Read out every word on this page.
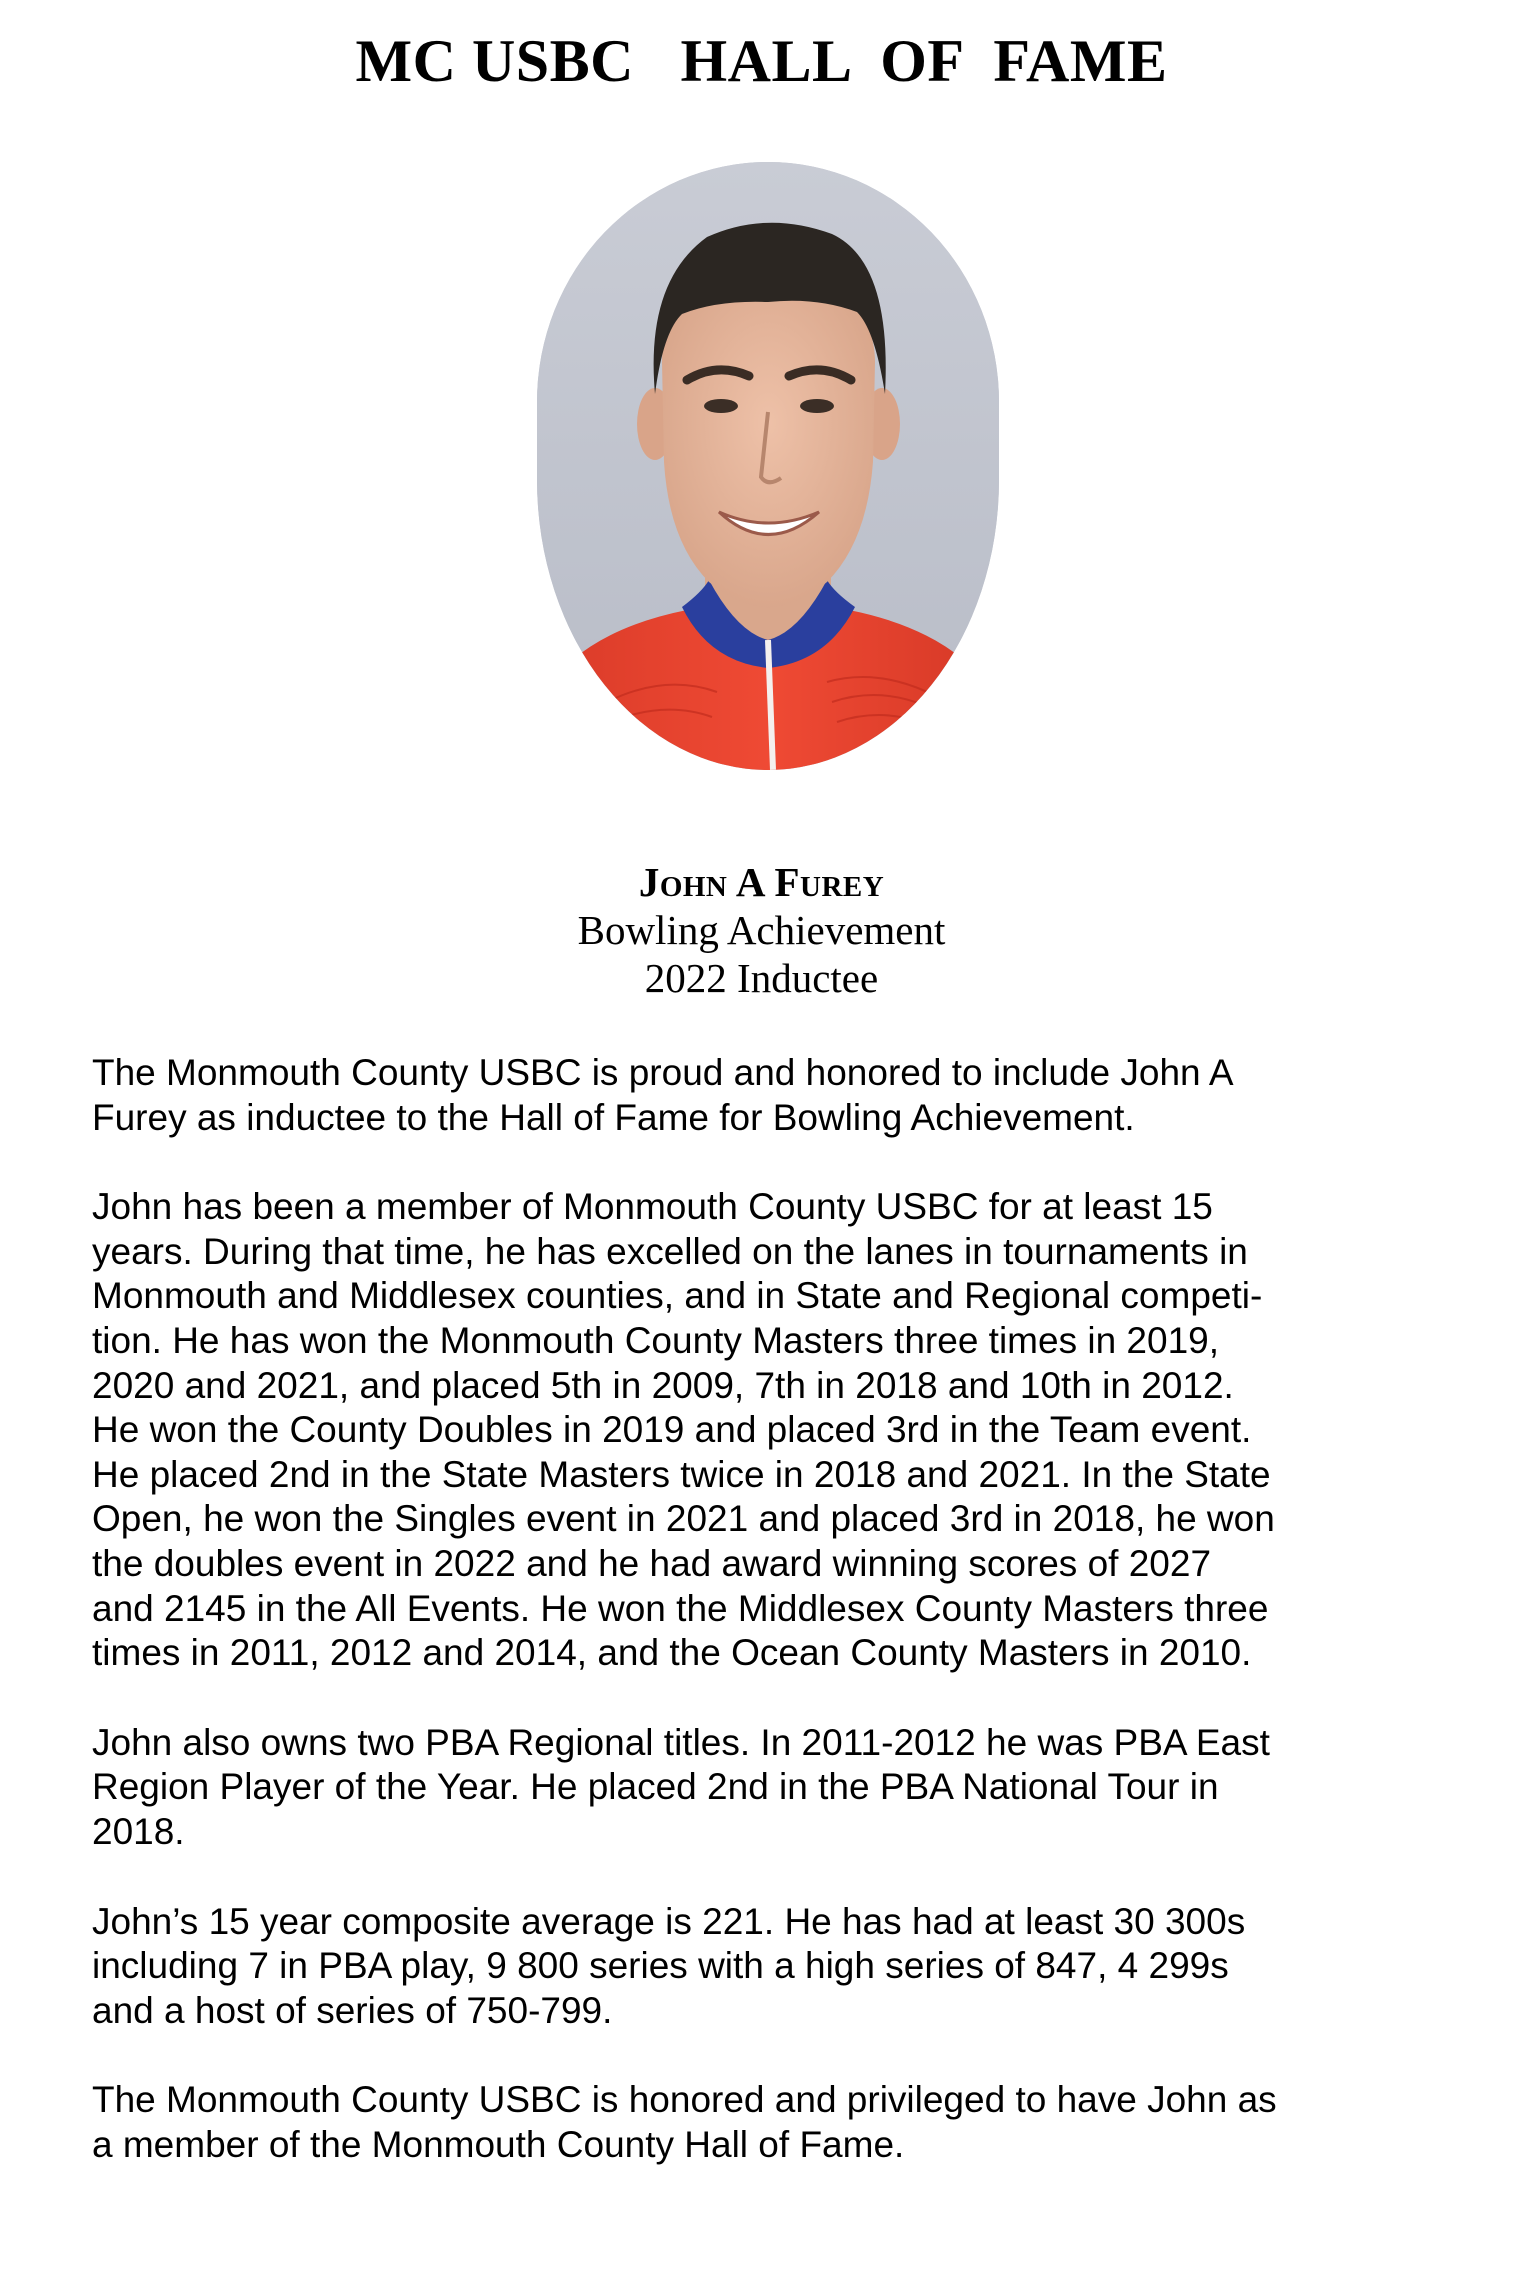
MC USBC   HALL  OF  FAME
John A Furey
Bowling Achievement
2022 Inductee

The Monmouth County USBC is proud and honored to include John A
Furey as inductee to the Hall of Fame for Bowling Achievement.

John has been a member of Monmouth County USBC for at least 15
years. During that time, he has excelled on the lanes in tournaments in
Monmouth and Middlesex counties, and in State and Regional competi-
tion. He has won the Monmouth County Masters three times in 2019,
2020 and 2021, and placed 5th in 2009, 7th in 2018 and 10th in 2012.
He won the County Doubles in 2019 and placed 3rd in the Team event.
He placed 2nd in the State Masters twice in 2018 and 2021. In the State
Open, he won the Singles event in 2021 and placed 3rd in 2018, he won
the doubles event in 2022 and he had award winning scores of 2027
and 2145 in the All Events. He won the Middlesex County Masters three
times in 2011, 2012 and 2014, and the Ocean County Masters in 2010.

John also owns two PBA Regional titles. In 2011-2012 he was PBA East
Region Player of the Year. He placed 2nd in the PBA National Tour in
2018.

John’s 15 year composite average is 221. He has had at least 30 300s
including 7 in PBA play, 9 800 series with a high series of 847, 4 299s
and a host of series of 750-799.

The Monmouth County USBC is honored and privileged to have John as
a member of the Monmouth County Hall of Fame.
